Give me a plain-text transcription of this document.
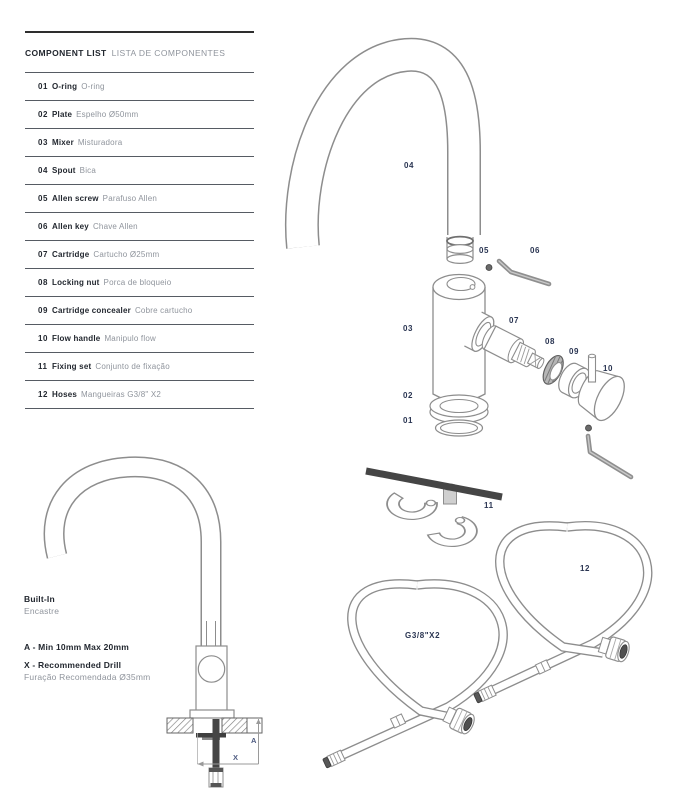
COMPONENT LIST LISTA DE COMPONENTES
01 O-ring O-ring
02 Plate Espelho Ø50mm
03 Mixer Misturadora
04 Spout Bica
05 Allen screw Parafuso Allen
06 Allen key Chave Allen
07 Cartridge Cartucho Ø25mm
08 Locking nut Porca de bloqueio
09 Cartridge concealer Cobre cartucho
10 Flow handle Manipulo flow
11 Fixing set Conjunto de fixação
12 Hoses Mangueiras G3/8" X2
Built-In
Encastre
A - Min 10mm Max 20mm
X - Recommended Drill
Furação Recomendada Ø35mm
04
05	06
03
07
08
09
10
02
01
11
12
G3/8"X2
A
X
